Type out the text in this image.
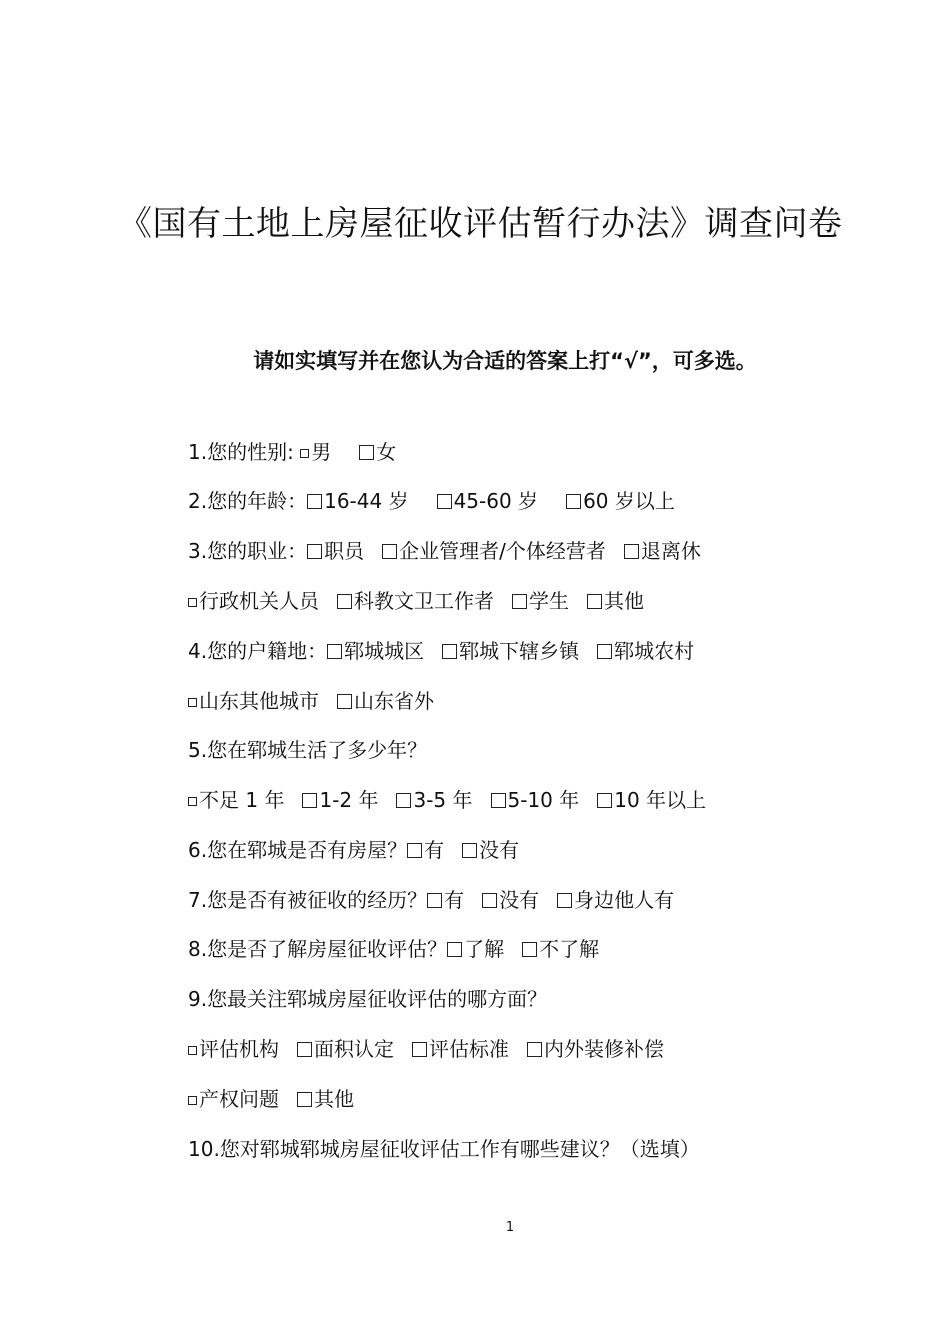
《国有土地上房屋征收评估暂行办法》调查问卷
请如实填写并在您认为合适的答案上打“√”，可多选。
1.您的性别: 男 女
2.您的年龄： 16-44 岁 45-60 岁 60 岁以上
3.您的职业： 职员 企业管理者/个体经营者 退离休
行政机关人员 科教文卫工作者 学生 其他
4.您的户籍地： 郓城城区 郓城下辖乡镇 郓城农村
山东其他城市 山东省外
5.您在郓城生活了多少年？
不足 1 年 1-2 年 3-5 年 5-10 年 10 年以上
6.您在郓城是否有房屋？ 有 没有
7.您是否有被征收的经历？ 有 没有 身边他人有
8.您是否了解房屋征收评估？ 了解 不了解
9.您最关注郓城房屋征收评估的哪方面？
评估机构 面积认定 评估标准 内外装修补偿
产权问题 其他
10.您对郓城郓城房屋征收评估工作有哪些建议？（选填）
1
